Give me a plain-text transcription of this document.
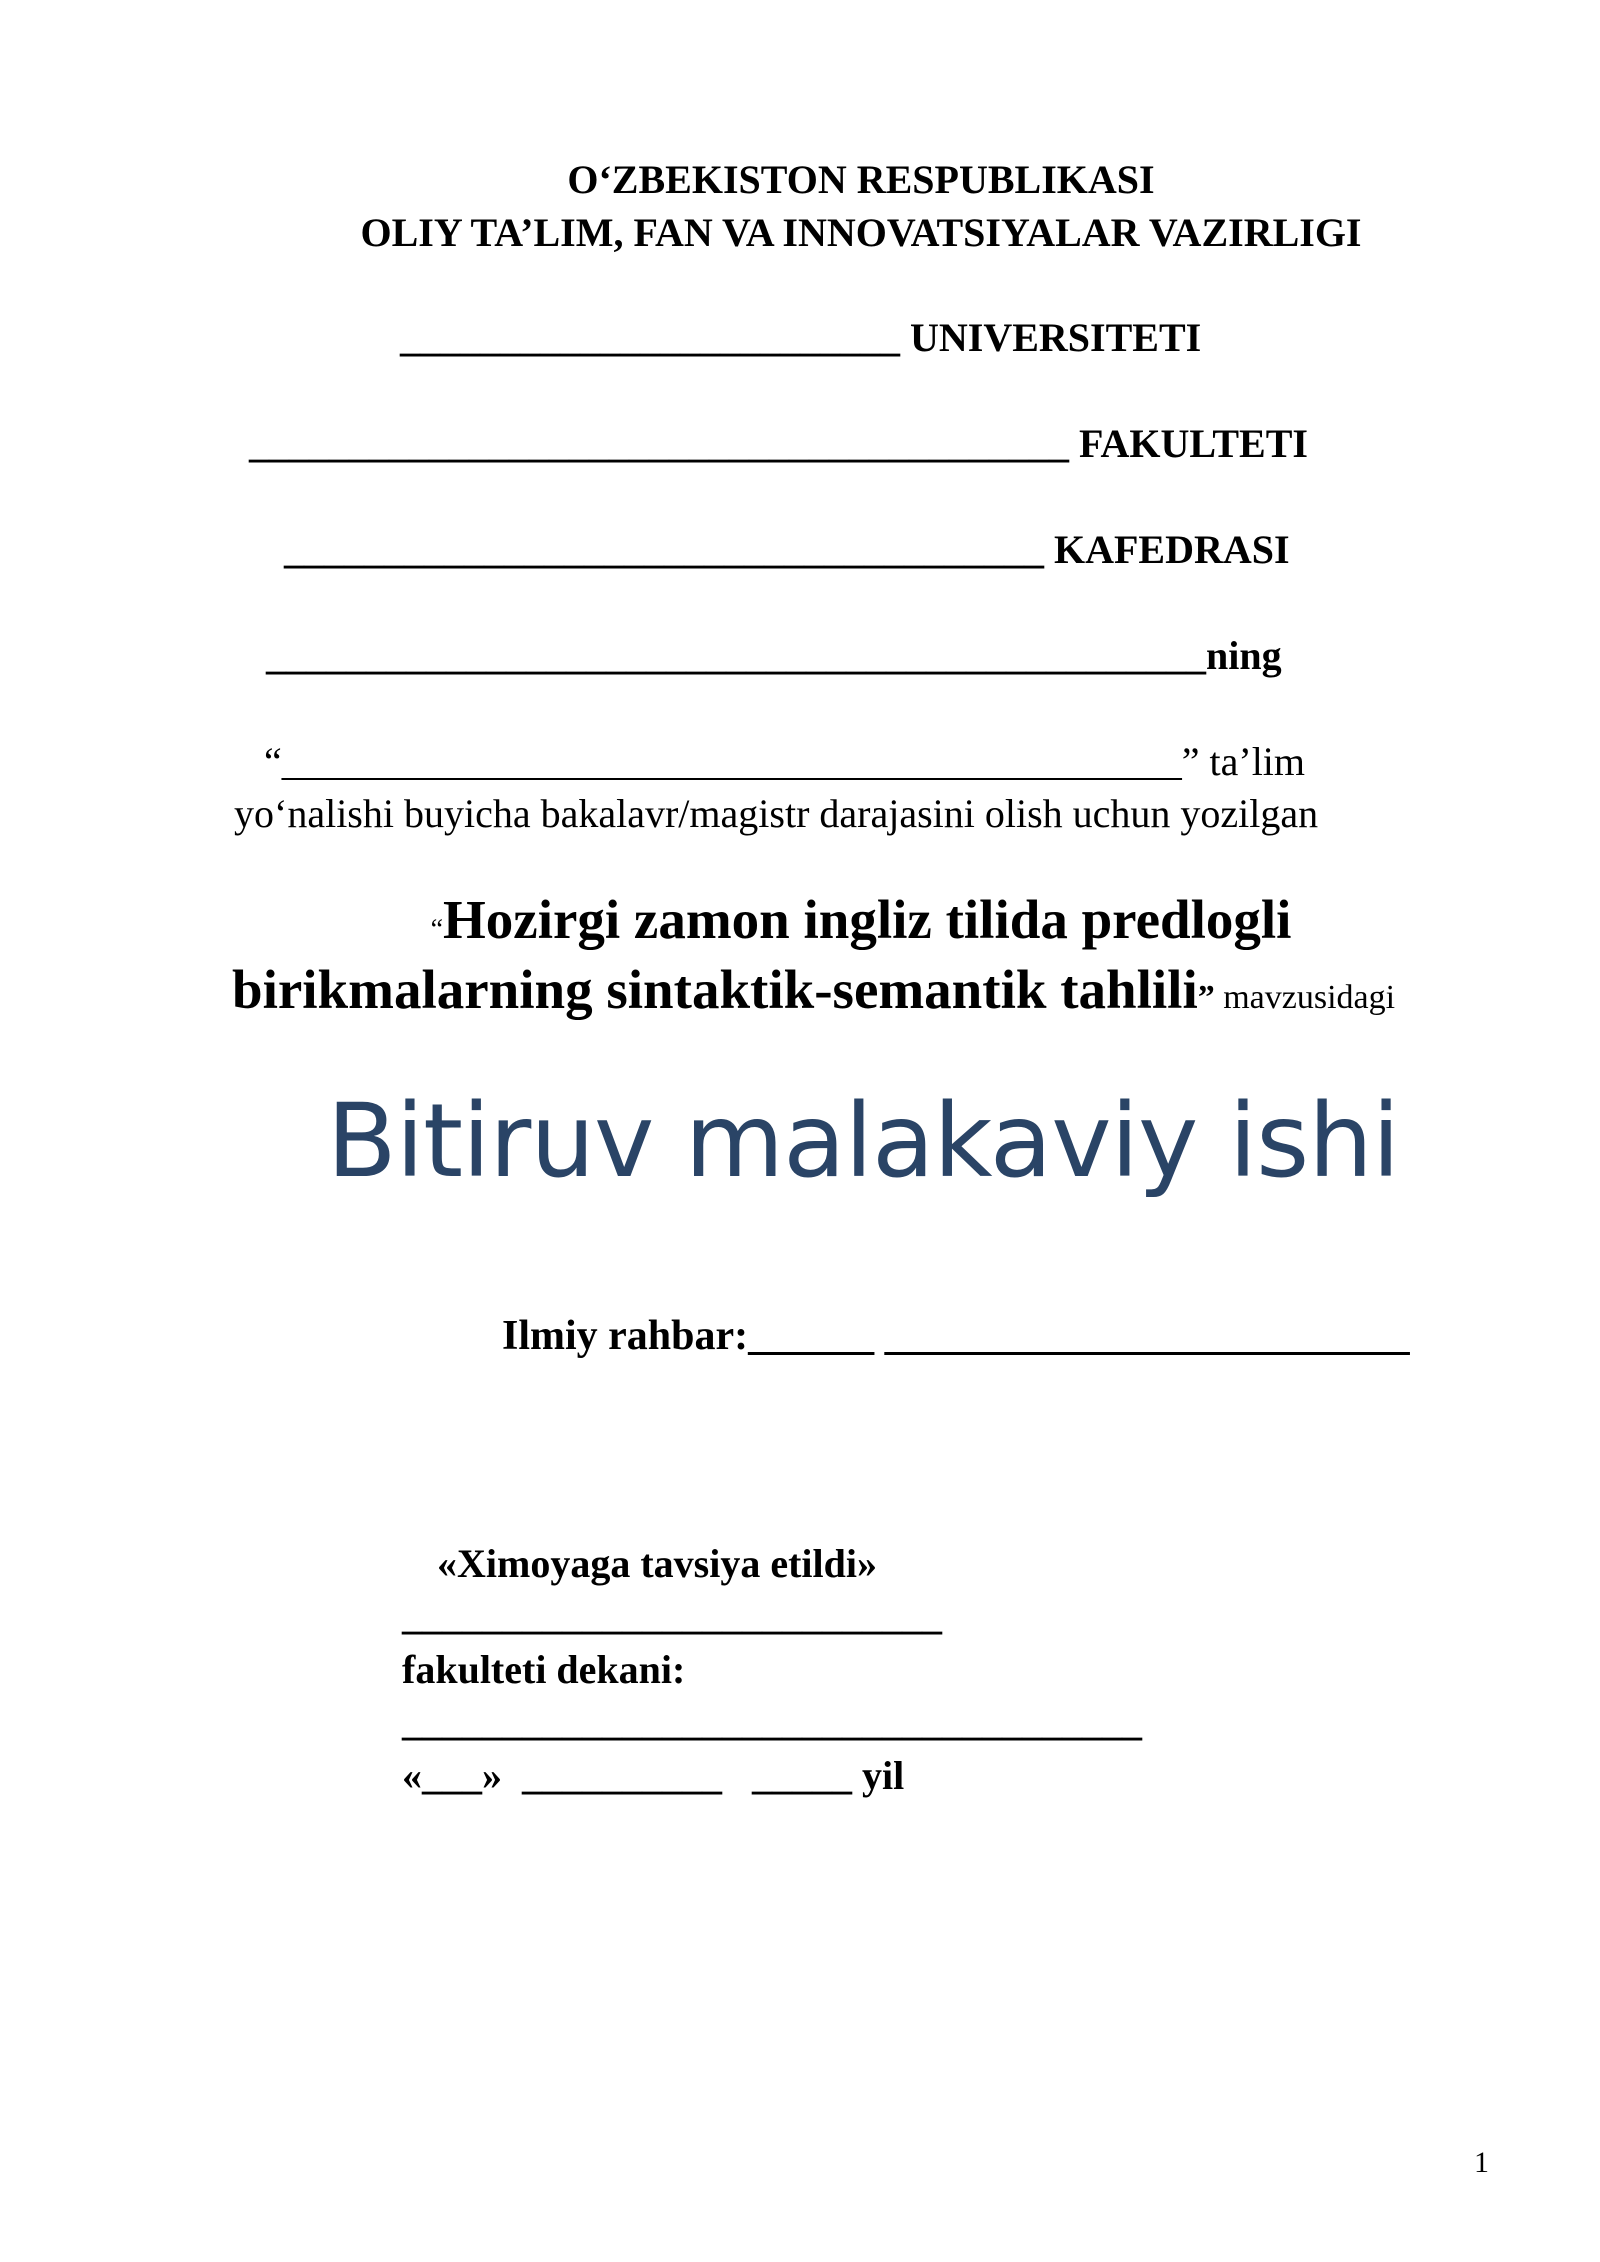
O‘ZBEKISTON RESPUBLIKASI
OLIY TA’LIM, FAN VA INNOVATSIYALAR VAZIRLIGI
_________________________ UNIVERSITETI
_________________________________________ FAKULTETI
______________________________________ KAFEDRASI
_______________________________________________ning
“_____________________________________________” ta’lim
yo‘nalishi buyicha bakalavr/magistr darajasini olish uchun yozilgan
“Hozirgi zamon ingliz tilida predlogli
birikmalarning sintaktik-semantik tahlili” mavzusidagi
Bitiruv malakaviy ishi
Ilmiy rahbar:______ _________________________
«Ximoyaga tavsiya etildi»
___________________________
fakulteti dekani:
_____________________________________
«___»  __________   _____ yil
1
